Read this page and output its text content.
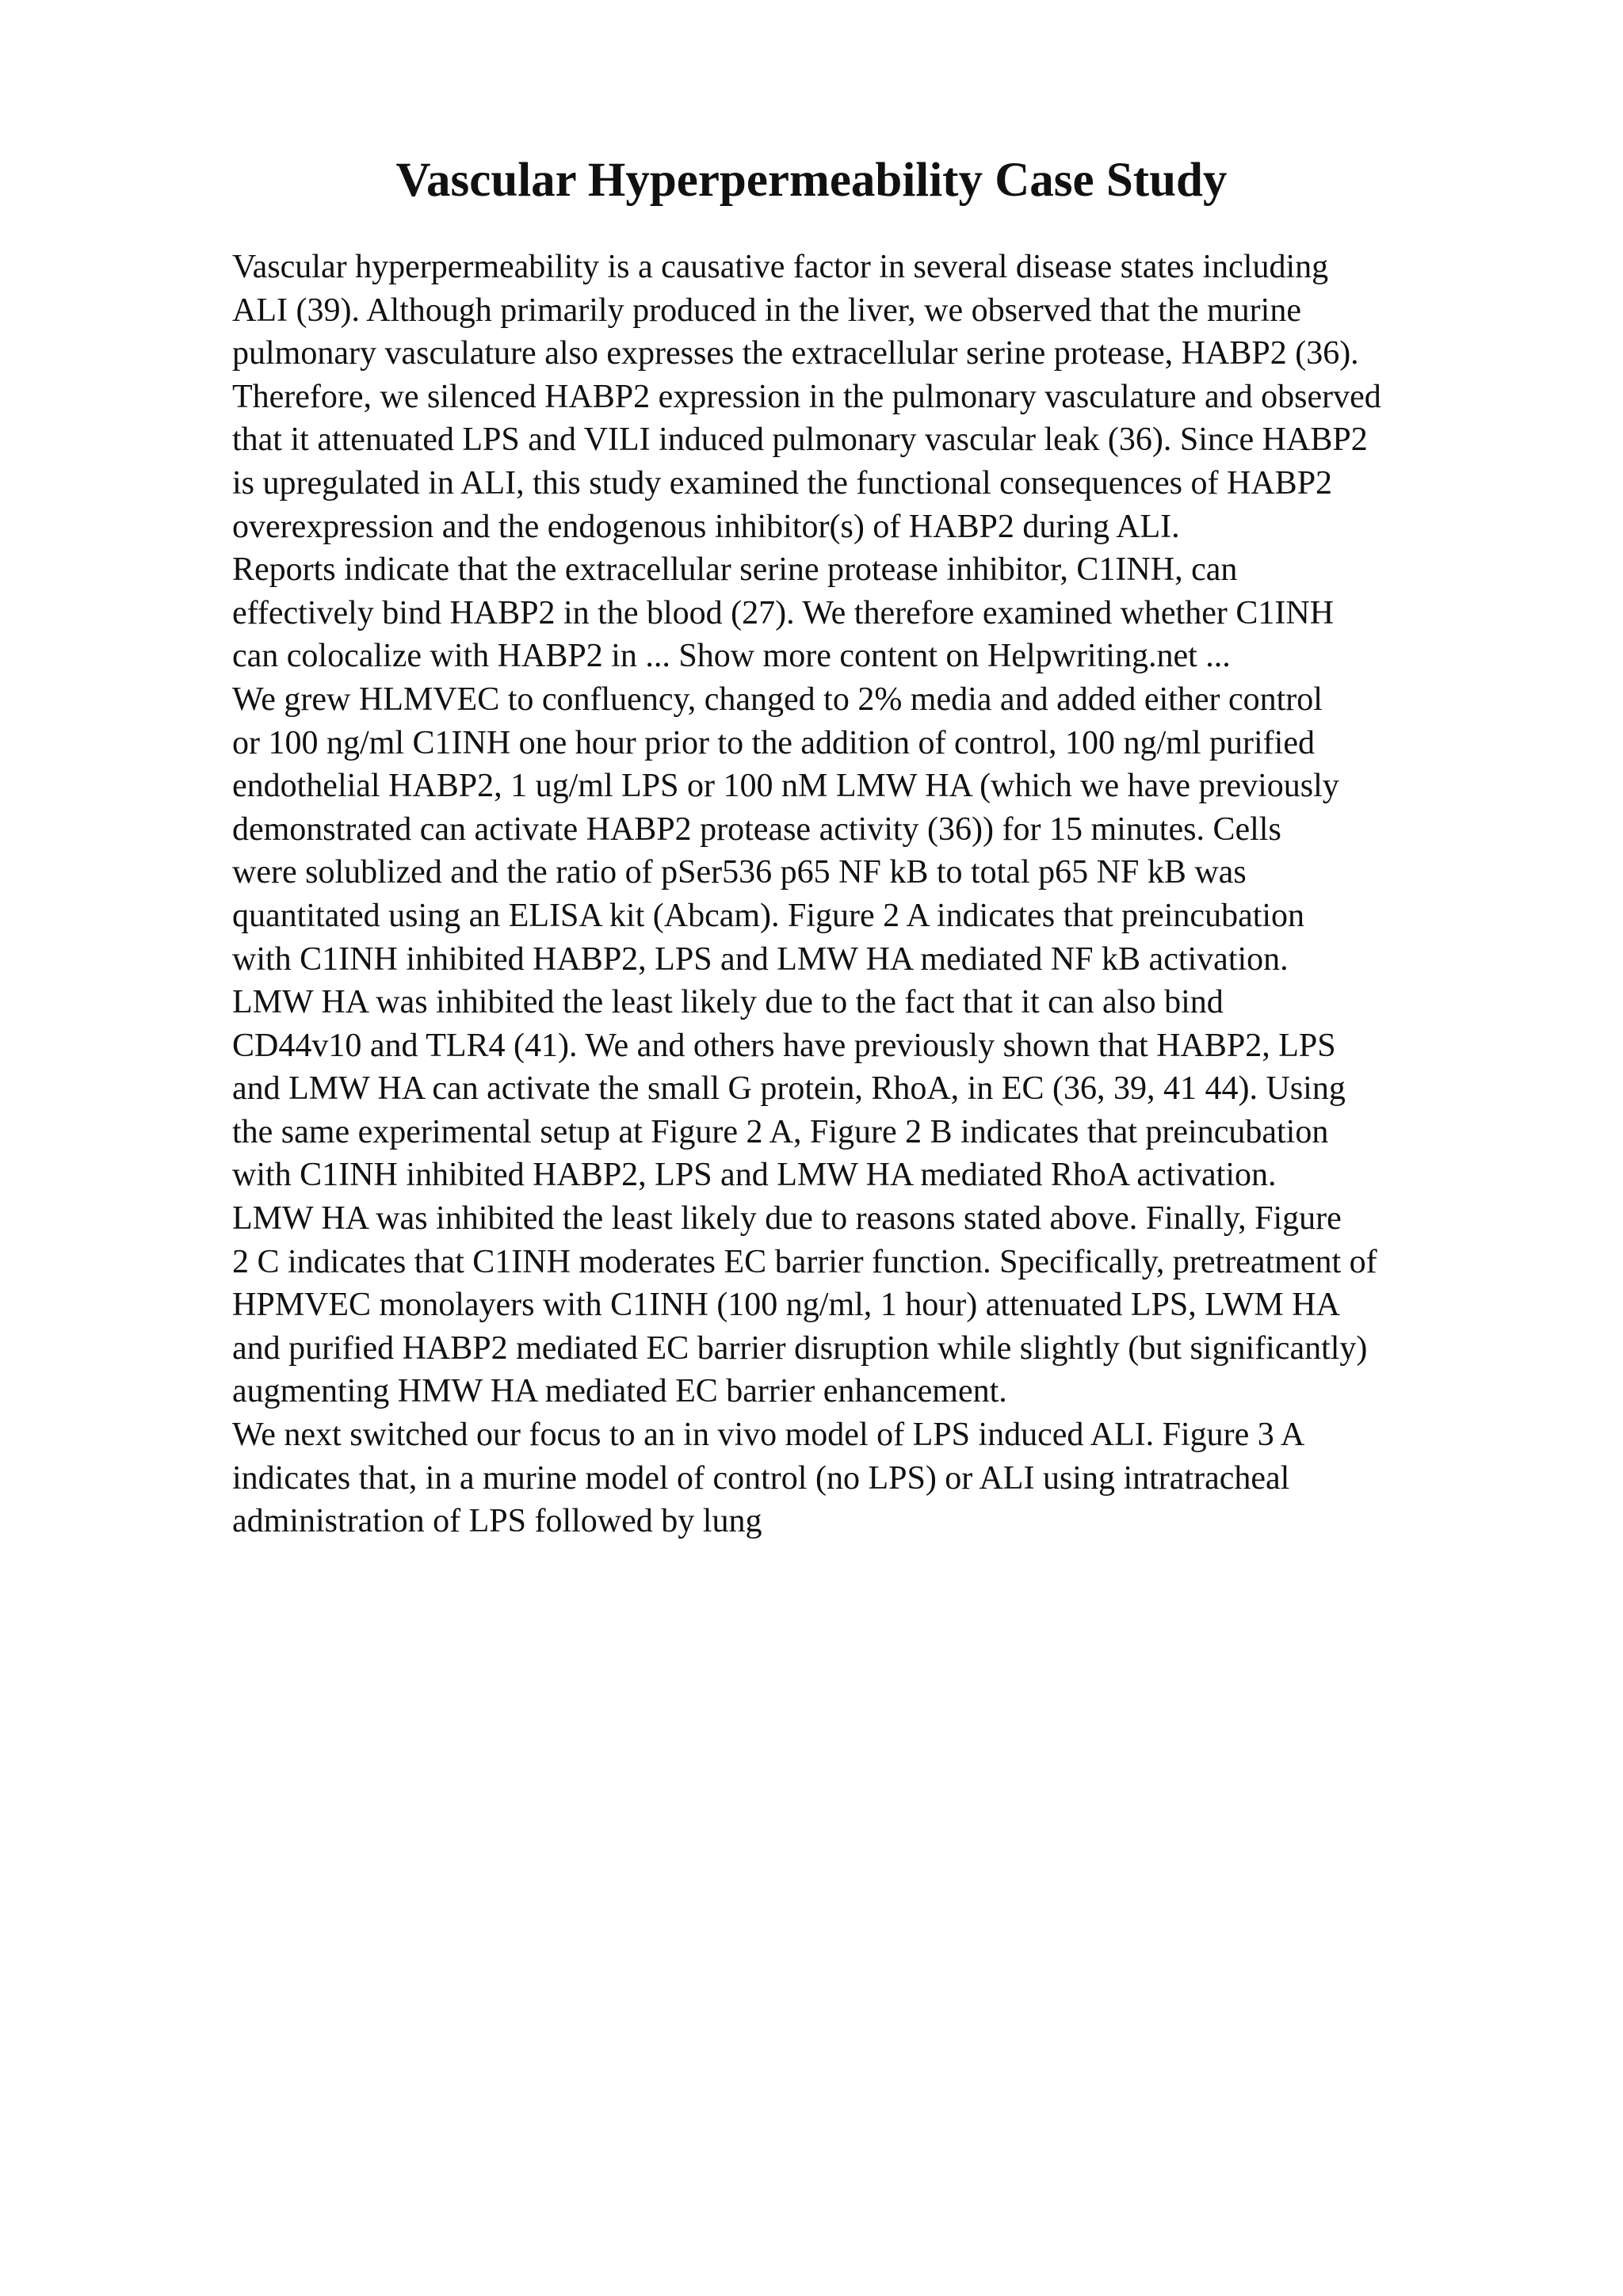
Vascular Hyperpermeability Case Study
Vascular hyperpermeability is a causative factor in several disease states including
ALI (39). Although primarily produced in the liver, we observed that the murine
pulmonary vasculature also expresses the extracellular serine protease, HABP2 (36).
Therefore, we silenced HABP2 expression in the pulmonary vasculature and observed
that it attenuated LPS and VILI induced pulmonary vascular leak (36). Since HABP2
is upregulated in ALI, this study examined the functional consequences of HABP2
overexpression and the endogenous inhibitor(s) of HABP2 during ALI.
Reports indicate that the extracellular serine protease inhibitor, C1INH, can
effectively bind HABP2 in the blood (27). We therefore examined whether C1INH
can colocalize with HABP2 in ... Show more content on Helpwriting.net ...
We grew HLMVEC to confluency, changed to 2% media and added either control
or 100 ng/ml C1INH one hour prior to the addition of control, 100 ng/ml purified
endothelial HABP2, 1 ug/ml LPS or 100 nM LMW HA (which we have previously
demonstrated can activate HABP2 protease activity (36)) for 15 minutes. Cells
were solublized and the ratio of pSer536 p65 NF kB to total p65 NF kB was
quantitated using an ELISA kit (Abcam). Figure 2 A indicates that preincubation
with C1INH inhibited HABP2, LPS and LMW HA mediated NF kB activation.
LMW HA was inhibited the least likely due to the fact that it can also bind
CD44v10 and TLR4 (41). We and others have previously shown that HABP2, LPS
and LMW HA can activate the small G protein, RhoA, in EC (36, 39, 41 44). Using
the same experimental setup at Figure 2 A, Figure 2 B indicates that preincubation
with C1INH inhibited HABP2, LPS and LMW HA mediated RhoA activation.
LMW HA was inhibited the least likely due to reasons stated above. Finally, Figure
2 C indicates that C1INH moderates EC barrier function. Specifically, pretreatment of
HPMVEC monolayers with C1INH (100 ng/ml, 1 hour) attenuated LPS, LWM HA
and purified HABP2 mediated EC barrier disruption while slightly (but significantly)
augmenting HMW HA mediated EC barrier enhancement.
We next switched our focus to an in vivo model of LPS induced ALI. Figure 3 A
indicates that, in a murine model of control (no LPS) or ALI using intratracheal
administration of LPS followed by lung
